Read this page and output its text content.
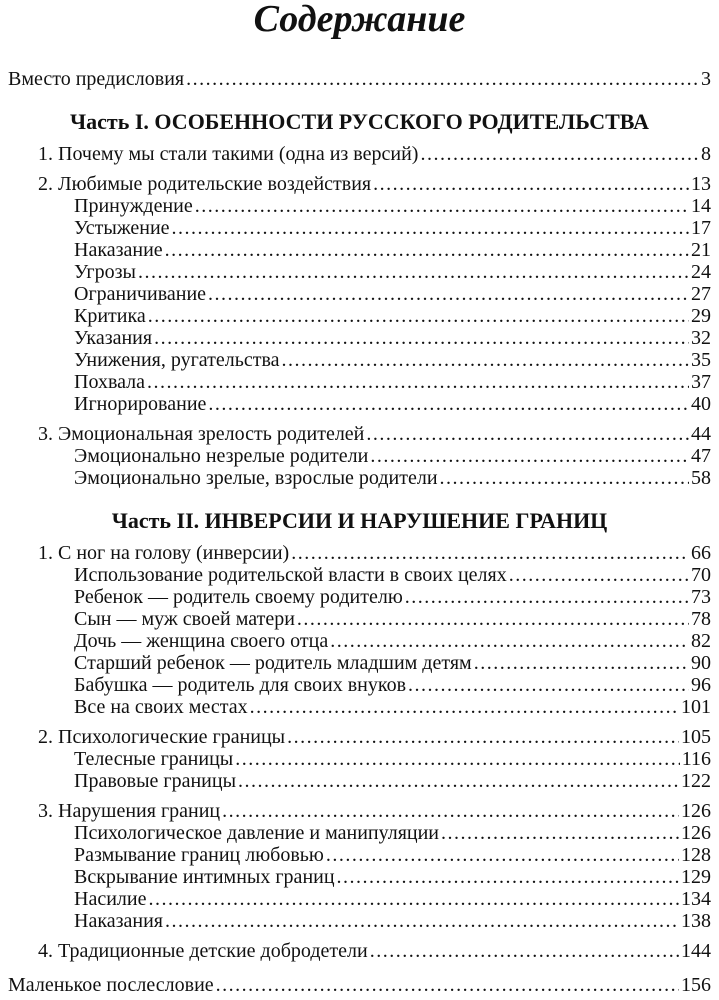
Содержание
Вместо предисловия .....	3
Часть I. ОСОБЕННОСТИ РУССКОГО РОДИТЕЛЬСТВА
1. Почему мы стали такими (одна из версий) .....	8
2. Любимые родительские воздействия .....	13
Принуждение .....	14
Устыжение .....	17
Наказание .....	21
Угрозы .....	24
Ограничивание .....	27
Критика .....	29
Указания .....	32
Унижения, ругательства .....	35
Похвала .....	37
Игнорирование .....	40
3. Эмоциональная зрелость родителей .....	44
Эмоционально незрелые родители .....	47
Эмоционально зрелые, взрослые родители .....	58
Часть II. ИНВЕРСИИ И НАРУШЕНИЕ ГРАНИЦ
1. С ног на голову (инверсии) .....	66
Использование родительской власти в своих целях .....	70
Ребенок — родитель своему родителю .....	73
Сын — муж своей матери .....	78
Дочь — женщина своего отца .....	82
Старший ребенок — родитель младшим детям .....	90
Бабушка — родитель для своих внуков .....	96
Все на своих местах .....	101
2. Психологические границы .....	105
Телесные границы .....	116
Правовые границы .....	122
3. Нарушения границ .....	126
Психологическое давление и манипуляции .....	126
Размывание границ любовью .....	128
Вскрывание интимных границ .....	129
Насилие .....	134
Наказания .....	138
4. Традиционные детские добродетели .....	144
Маленькое послесловие .....	156
